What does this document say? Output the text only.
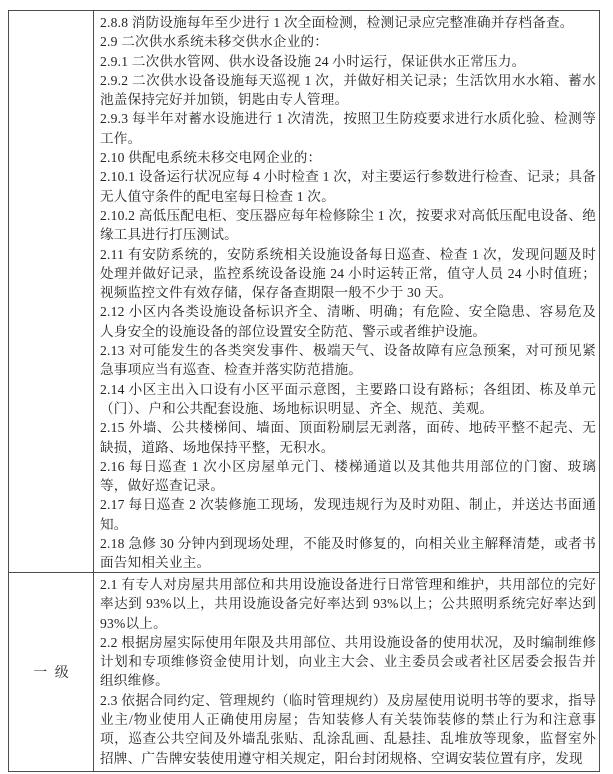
2.8.8 消防设施每年至少进行 1 次全面检测，检测记录应完整准确并存档备查。

2.9 二次供水系统未移交供水企业的：

2.9.1 二次供水管网、供水设备设施 24 小时运行，保证供水正常压力。

2.9.2 二次供水设备设施每天巡视 1 次，并做好相关记录；生活饮用水水箱、蓄水池盖保持完好并加锁，钥匙由专人管理。

2.9.3 每半年对蓄水设施进行 1 次清洗，按照卫生防疫要求进行水质化验、检测等工作。

2.10 供配电系统未移交电网企业的：

2.10.1 设备运行状况应每 4 小时检查 1 次，对主要运行参数进行检查、记录；具备无人值守条件的配电室每日检查 1 次。

2.10.2 高低压配电柜、变压器应每年检修除尘 1 次，按要求对高低压配电设备、绝缘工具进行打压测试。

2.11 有安防系统的，安防系统相关设施设备每日巡查、检查 1 次，发现问题及时处理并做好记录，监控系统设备设施 24 小时运转正常，值守人员 24 小时值班；视频监控文件有效存储，保存备查期限一般不少于 30 天。

2.12 小区内各类设施设备标识齐全、清晰、明确；有危险、安全隐患、容易危及人身安全的设施设备的部位设置安全防范、警示或者维护设施。

2.13 对可能发生的各类突发事件、极端天气、设备故障有应急预案，对可预见紧急事项应当有巡查、检查并落实防范措施。

2.14 小区主出入口设有小区平面示意图，主要路口设有路标；各组团、栋及单元（门）、户和公共配套设施、场地标识明显、齐全、规范、美观。

2.15 外墙、公共楼梯间、墙面、顶面粉刷层无剥落，面砖、地砖平整不起壳、无缺损，道路、场地保持平整，无积水。

2.16 每日巡查 1 次小区房屋单元门、楼梯通道以及其他共用部位的门窗、玻璃等，做好巡查记录。

2.17 每日巡查 2 次装修施工现场，发现违规行为及时劝阻、制止，并送达书面通知。

2.18 急修 30 分钟内到现场处理，不能及时修复的，向相关业主解释清楚，或者书面告知相关业主。

一 级

2.1 有专人对房屋共用部位和共用设施设备进行日常管理和维护，共用部位的完好率达到 93%以上，共用设施设备完好率达到 93%以上；公共照明系统完好率达到 93%以上。

2.2 根据房屋实际使用年限及共用部位、共用设施设备的使用状况，及时编制维修计划和专项维修资金使用计划，向业主大会、业主委员会或者社区居委会报告并组织维修。

2.3 依据合同约定、管理规约（临时管理规约）及房屋使用说明书等的要求，指导业主/物业使用人正确使用房屋；告知装修人有关装饰装修的禁止行为和注意事项，巡查公共空间及外墙乱张贴、乱涂乱画、乱悬挂、乱堆放等现象，监督室外招牌、广告牌安装使用遵守相关规定，阳台封闭规格、空调安装位置有序，发现
